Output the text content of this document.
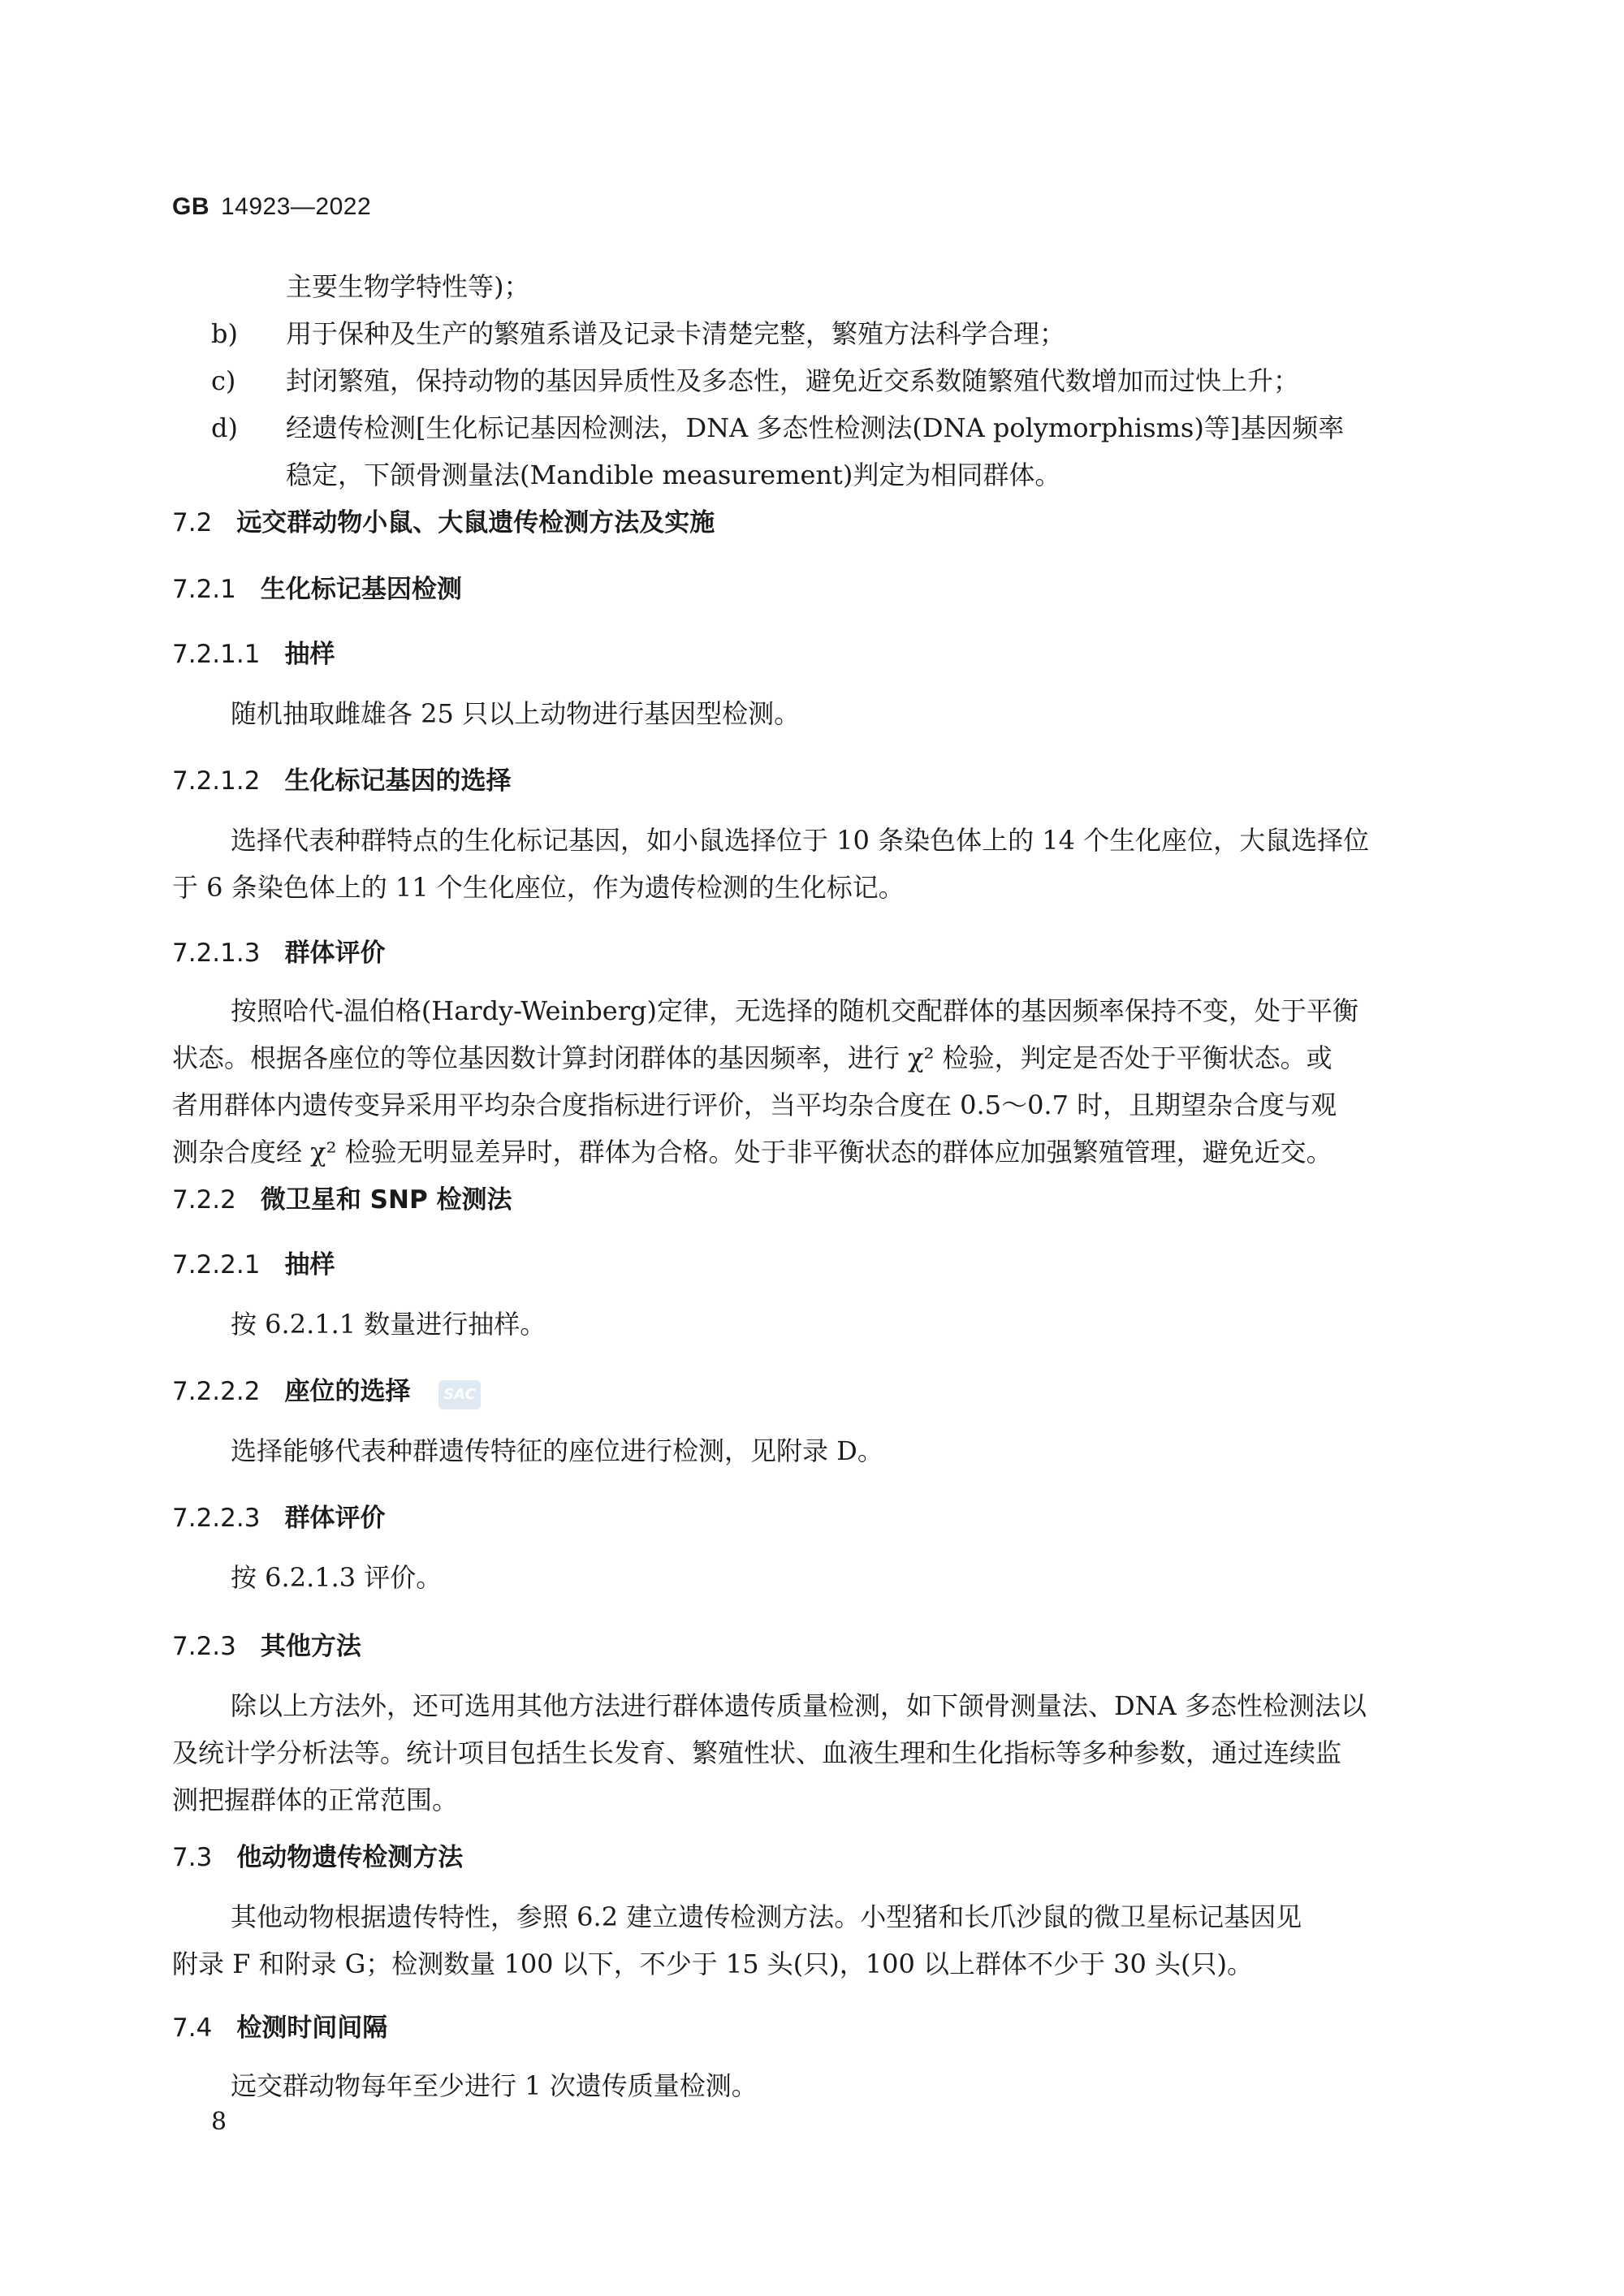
GB 14923—2022
主要生物学特性等)；
b) 用于保种及生产的繁殖系谱及记录卡清楚完整，繁殖方法科学合理；
c) 封闭繁殖，保持动物的基因异质性及多态性，避免近交系数随繁殖代数增加而过快上升；
d) 经遗传检测[生化标记基因检测法，DNA 多态性检测法(DNA polymorphisms)等]基因频率
稳定，下颌骨测量法(Mandible measurement)判定为相同群体。
7.2 远交群动物小鼠、大鼠遗传检测方法及实施
7.2.1 生化标记基因检测
7.2.1.1 抽样
随机抽取雌雄各 25 只以上动物进行基因型检测。
7.2.1.2 生化标记基因的选择
选择代表种群特点的生化标记基因，如小鼠选择位于 10 条染色体上的 14 个生化座位，大鼠选择位
于 6 条染色体上的 11 个生化座位，作为遗传检测的生化标记。
7.2.1.3 群体评价
按照哈代-温伯格(Hardy-Weinberg)定律，无选择的随机交配群体的基因频率保持不变，处于平衡
状态。根据各座位的等位基因数计算封闭群体的基因频率，进行 χ² 检验，判定是否处于平衡状态。或
者用群体内遗传变异采用平均杂合度指标进行评价，当平均杂合度在 0.5～0.7 时，且期望杂合度与观
测杂合度经 χ² 检验无明显差异时，群体为合格。处于非平衡状态的群体应加强繁殖管理，避免近交。
7.2.2 微卫星和 SNP 检测法
7.2.2.1 抽样
按 6.2.1.1 数量进行抽样。
7.2.2.2 座位的选择	SAC
选择能够代表种群遗传特征的座位进行检测，见附录 D。
7.2.2.3 群体评价
按 6.2.1.3 评价。
7.2.3 其他方法
除以上方法外，还可选用其他方法进行群体遗传质量检测，如下颌骨测量法、DNA 多态性检测法以
及统计学分析法等。统计项目包括生长发育、繁殖性状、血液生理和生化指标等多种参数，通过连续监
测把握群体的正常范围。
7.3 他动物遗传检测方法
其他动物根据遗传特性，参照 6.2 建立遗传检测方法。小型猪和长爪沙鼠的微卫星标记基因见
附录 F 和附录 G；检测数量 100 以下，不少于 15 头(只)，100 以上群体不少于 30 头(只)。
7.4 检测时间间隔
远交群动物每年至少进行 1 次遗传质量检测。
8
